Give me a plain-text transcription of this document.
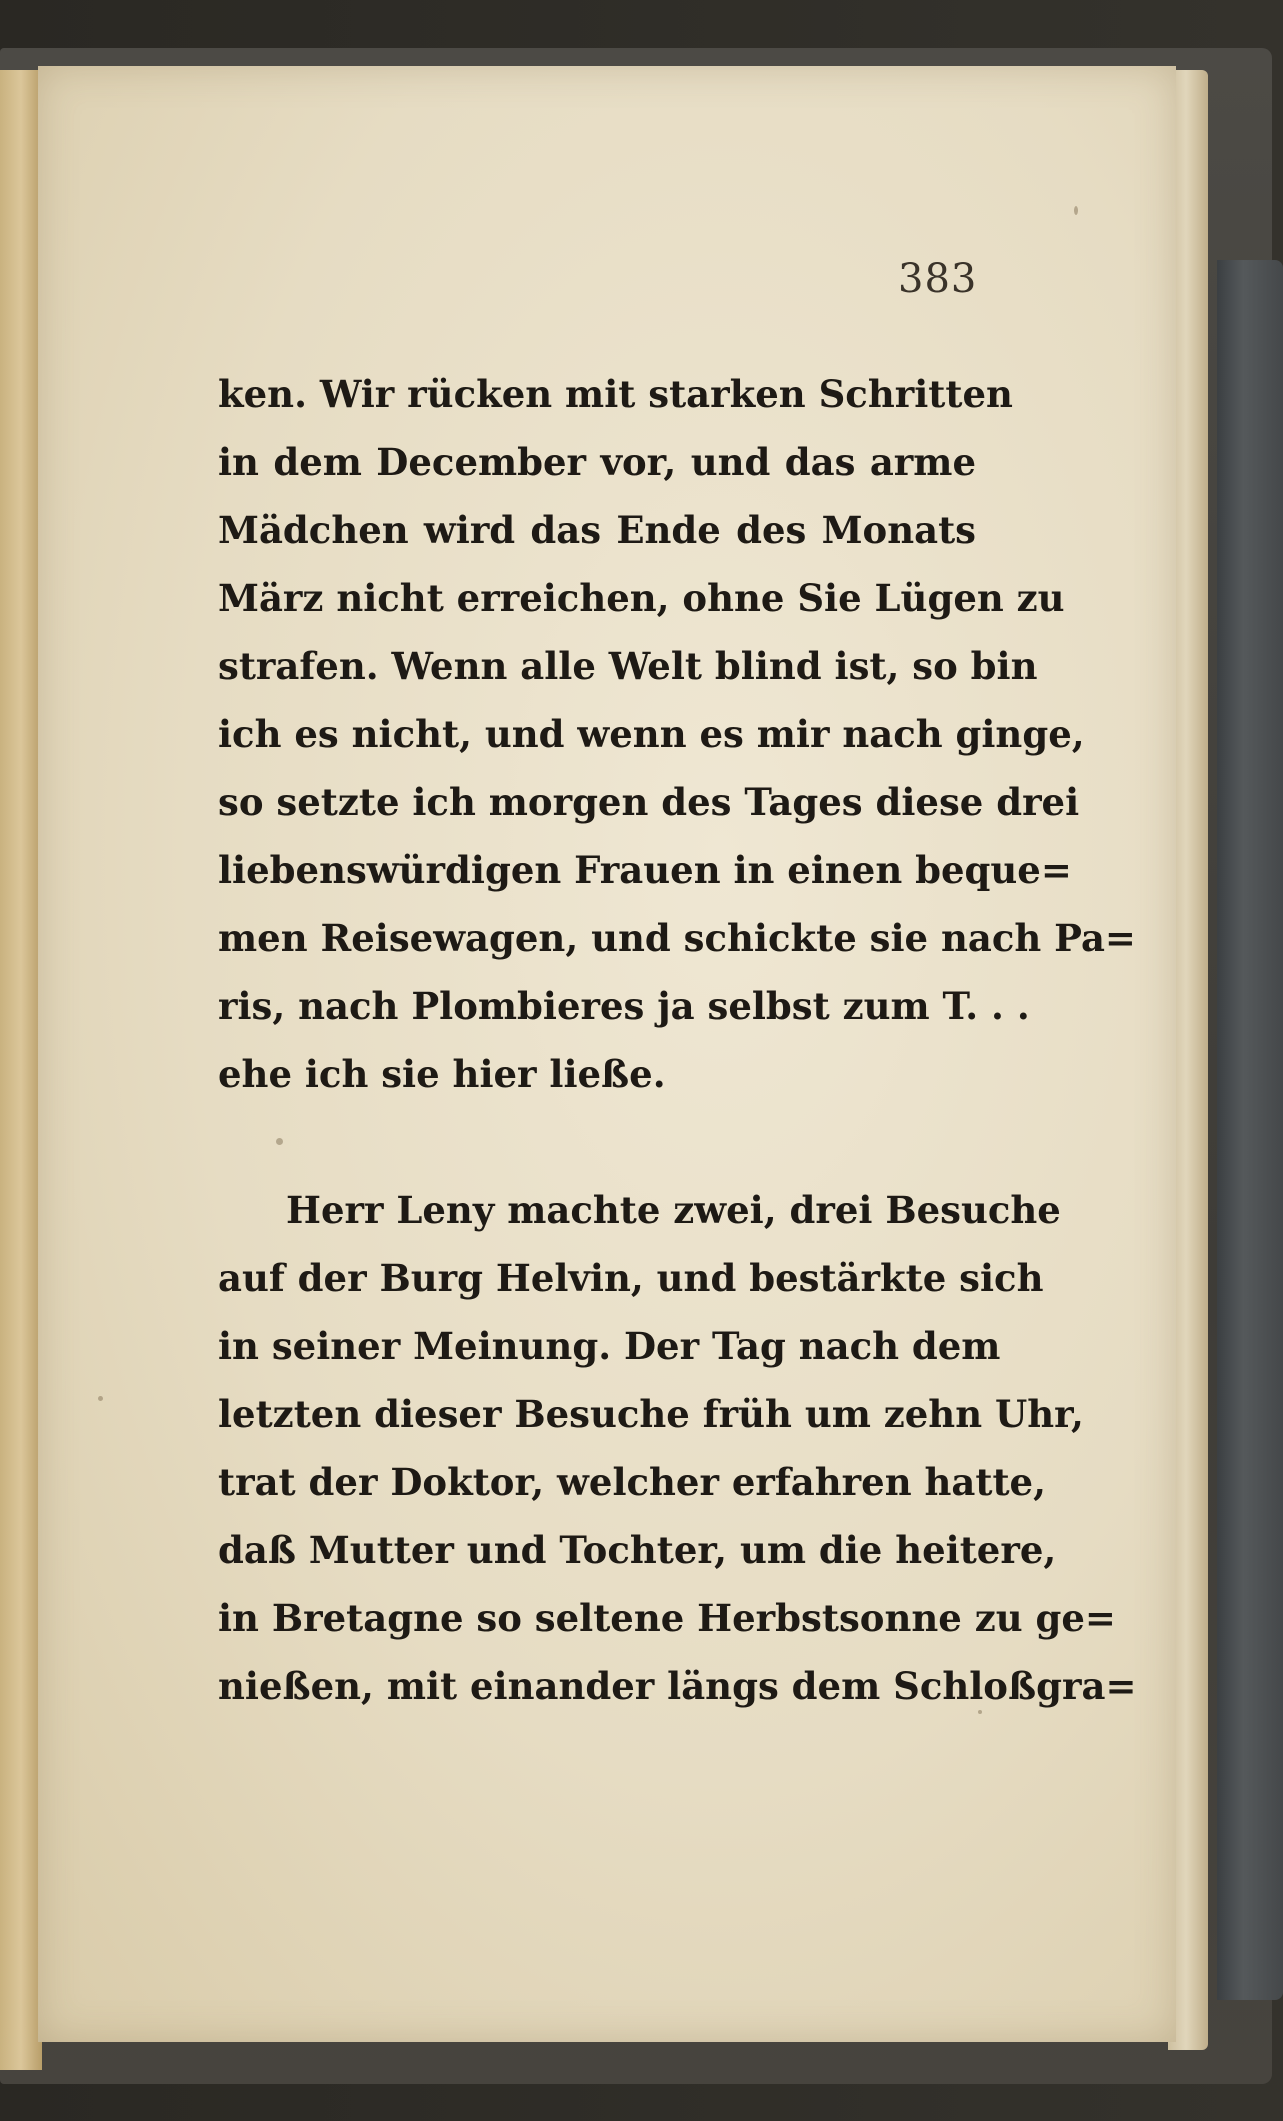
383
ken. Wir rücken mit starken Schritten
in dem December vor, und das arme
Mädchen wird das Ende des Monats
März nicht erreichen, ohne Sie Lügen zu
strafen. Wenn alle Welt blind ist, so bin
ich es nicht, und wenn es mir nach ginge,
so setzte ich morgen des Tages diese drei
liebenswürdigen Frauen in einen beque=
men Reisewagen, und schickte sie nach Pa=
ris, nach Plombieres ja selbst zum T. . .
ehe ich sie hier ließe.
Herr Leny machte zwei, drei Besuche
auf der Burg Helvin, und bestärkte sich
in seiner Meinung. Der Tag nach dem
letzten dieser Besuche früh um zehn Uhr,
trat der Doktor, welcher erfahren hatte,
daß Mutter und Tochter, um die heitere,
in Bretagne so seltene Herbstsonne zu ge=
nießen, mit einander längs dem Schloßgra=
